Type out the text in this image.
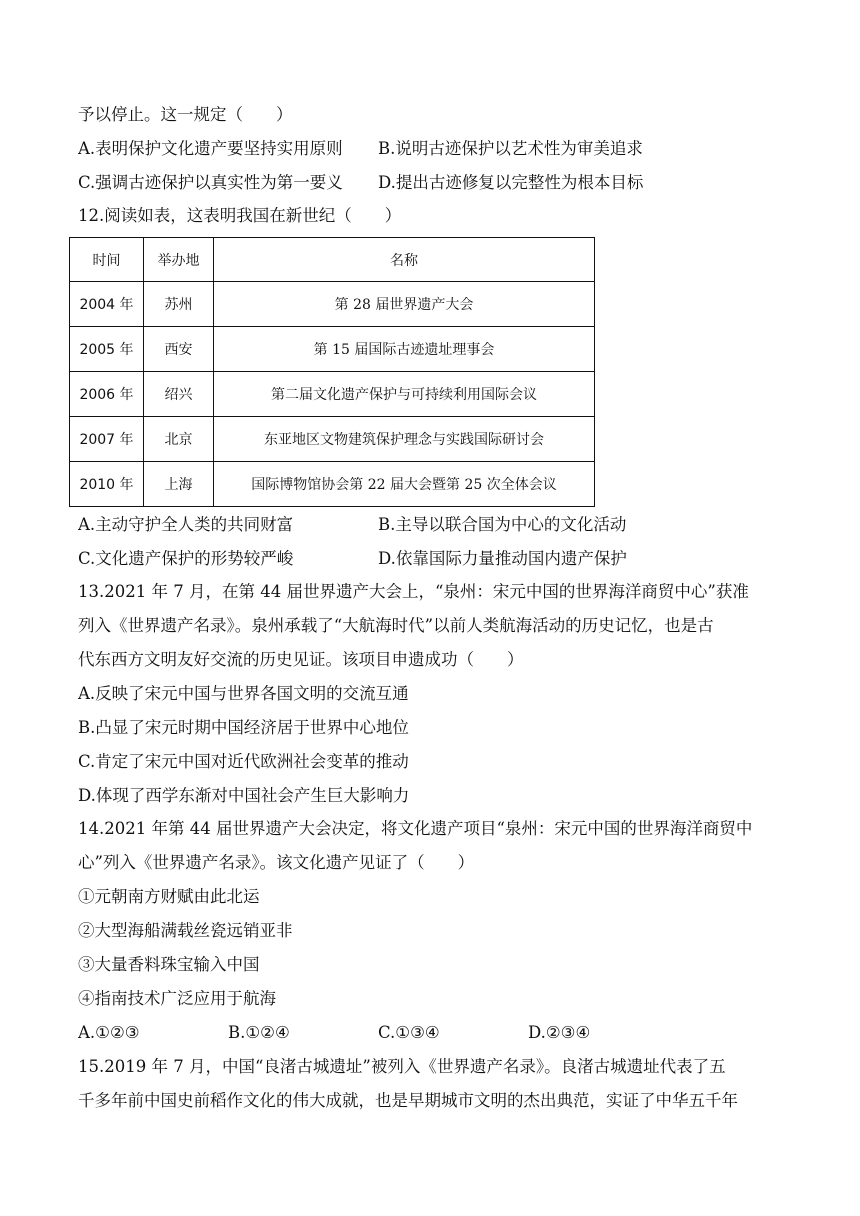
予以停止。这一规定（　　）
A.表明保护文化遗产要坚持实用原则 B.说明古迹保护以艺术性为审美追求
C.强调古迹保护以真实性为第一要义 D.提出古迹修复以完整性为根本目标
12.阅读如表，这表明我国在新世纪（　　）
时间	举办地	名称
2004 年	苏州	第 28 届世界遗产大会
2005 年	西安	第 15 届国际古迹遗址理事会
2006 年	绍兴	第二届文化遗产保护与可持续利用国际会议
2007 年	北京	东亚地区文物建筑保护理念与实践国际研讨会
2010 年	上海	国际博物馆协会第 22 届大会暨第 25 次全体会议
A.主动守护全人类的共同财富	B.主导以联合国为中心的文化活动
C.文化遗产保护的形势较严峻	D.依靠国际力量推动国内遗产保护
13.2021 年 7 月，在第 44 届世界遗产大会上，“泉州：宋元中国的世界海洋商贸中心”获准
列入《世界遗产名录》。泉州承载了“大航海时代”以前人类航海活动的历史记忆，也是古
代东西方文明友好交流的历史见证。该项目申遗成功（　　）
A.反映了宋元中国与世界各国文明的交流互通
B.凸显了宋元时期中国经济居于世界中心地位
C.肯定了宋元中国对近代欧洲社会变革的推动
D.体现了西学东渐对中国社会产生巨大影响力
14.2021 年第 44 届世界遗产大会决定，将文化遗产项目“泉州：宋元中国的世界海洋商贸中
心”列入《世界遗产名录》。该文化遗产见证了（　　）
①元朝南方财赋由此北运
②大型海船满载丝瓷远销亚非
③大量香料珠宝输入中国
④指南技术广泛应用于航海
A.①②③	B.①②④	C.①③④	D.②③④
15.2019 年 7 月，中国“良渚古城遗址”被列入《世界遗产名录》。良渚古城遗址代表了五
千多年前中国史前稻作文化的伟大成就，也是早期城市文明的杰出典范，实证了中华五千年
